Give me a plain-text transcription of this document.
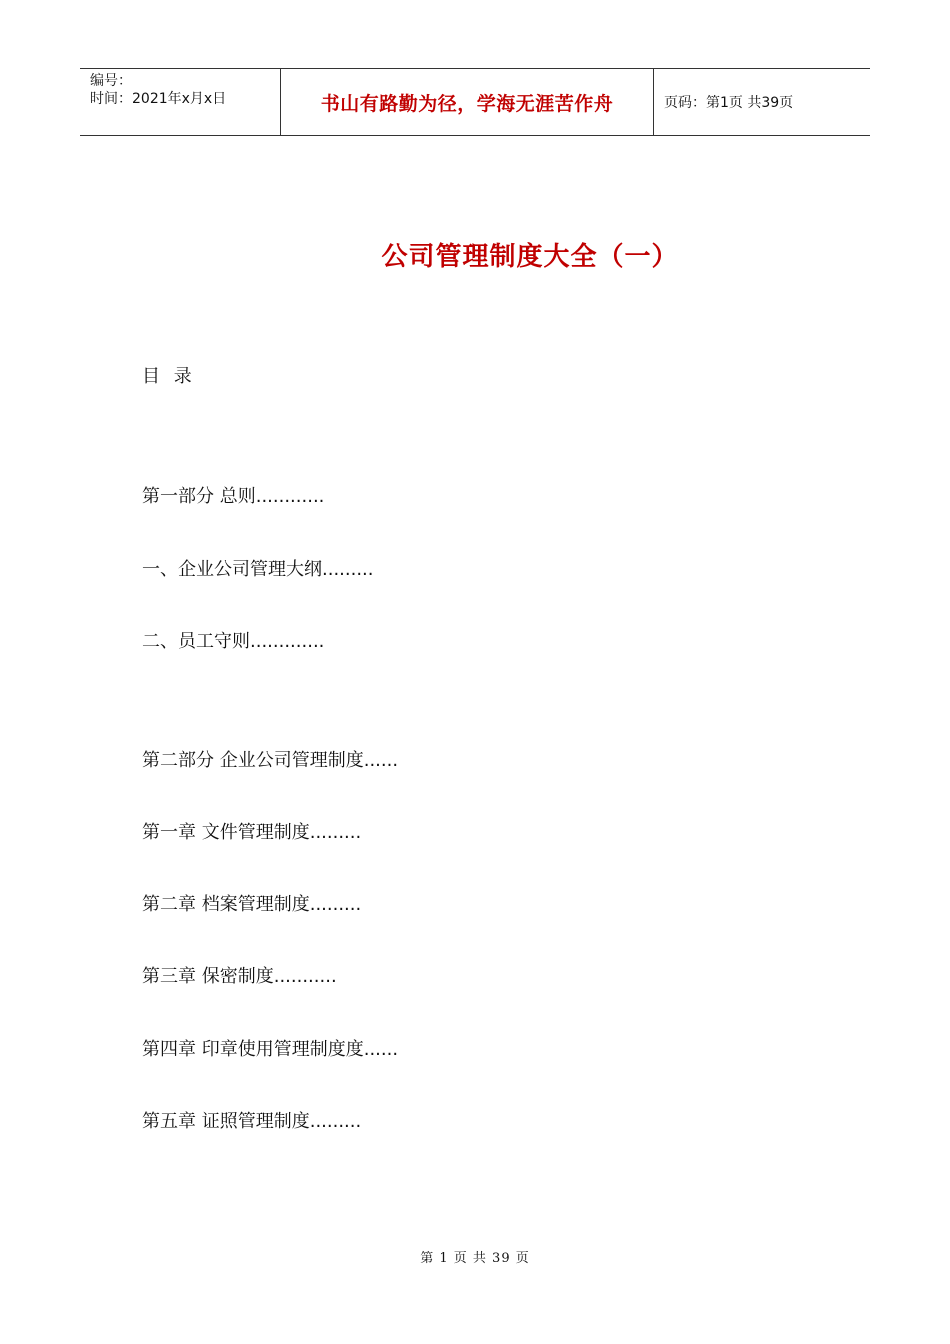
编号：
时间：2021年x月x日	书山有路勤为径，学海无涯苦作舟	页码：第1页 共39页
公司管理制度大全（一）
目 录
第一部分 总则............
一、企业公司管理大纲.........
二、员工守则.............
第二部分 企业公司管理制度......
第一章 文件管理制度.........
第二章 档案管理制度.........
第三章 保密制度...........
第四章 印章使用管理制度度......
第五章 证照管理制度.........
第 1 页 共 39 页
